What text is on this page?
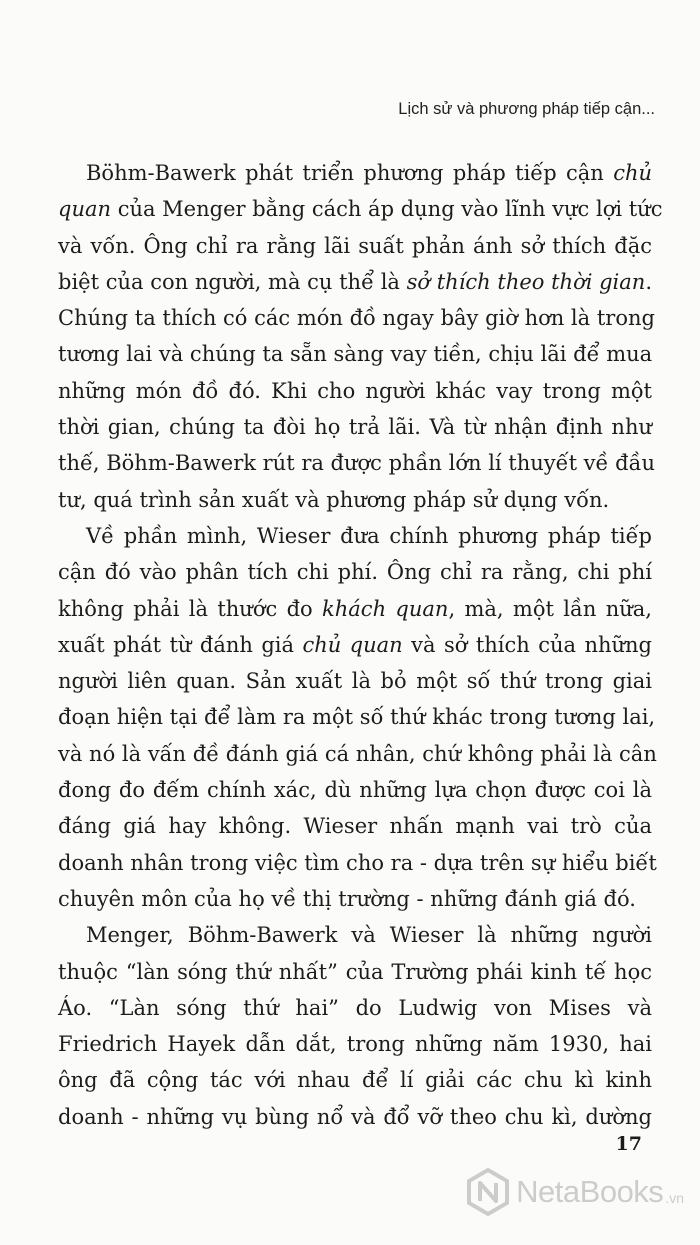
Lịch sử và phương pháp tiếp cận...
Böhm-Bawerk phát triển phương pháp tiếp cận chủ
quan của Menger bằng cách áp dụng vào lĩnh vực lợi tức
và vốn. Ông chỉ ra rằng lãi suất phản ánh sở thích đặc
biệt của con người, mà cụ thể là sở thích theo thời gian.
Chúng ta thích có các món đồ ngay bây giờ hơn là trong
tương lai và chúng ta sẵn sàng vay tiền, chịu lãi để mua
những món đồ đó. Khi cho người khác vay trong một
thời gian, chúng ta đòi họ trả lãi. Và từ nhận định như
thế, Böhm-Bawerk rút ra được phần lớn lí thuyết về đầu
tư, quá trình sản xuất và phương pháp sử dụng vốn.
Về phần mình, Wieser đưa chính phương pháp tiếp
cận đó vào phân tích chi phí. Ông chỉ ra rằng, chi phí
không phải là thước đo khách quan, mà, một lần nữa,
xuất phát từ đánh giá chủ quan và sở thích của những
người liên quan. Sản xuất là bỏ một số thứ trong giai
đoạn hiện tại để làm ra một số thứ khác trong tương lai,
và nó là vấn đề đánh giá cá nhân, chứ không phải là cân
đong đo đếm chính xác, dù những lựa chọn được coi là
đáng giá hay không. Wieser nhấn mạnh vai trò của
doanh nhân trong việc tìm cho ra - dựa trên sự hiểu biết
chuyên môn của họ về thị trường - những đánh giá đó.
Menger, Böhm-Bawerk và Wieser là những người
thuộc “làn sóng thứ nhất” của Trường phái kinh tế học
Áo. “Làn sóng thứ hai” do Ludwig von Mises và
Friedrich Hayek dẫn dắt, trong những năm 1930, hai
ông đã cộng tác với nhau để lí giải các chu kì kinh
doanh - những vụ bùng nổ và đổ vỡ theo chu kì, dường
17
NetaBooks .vn
